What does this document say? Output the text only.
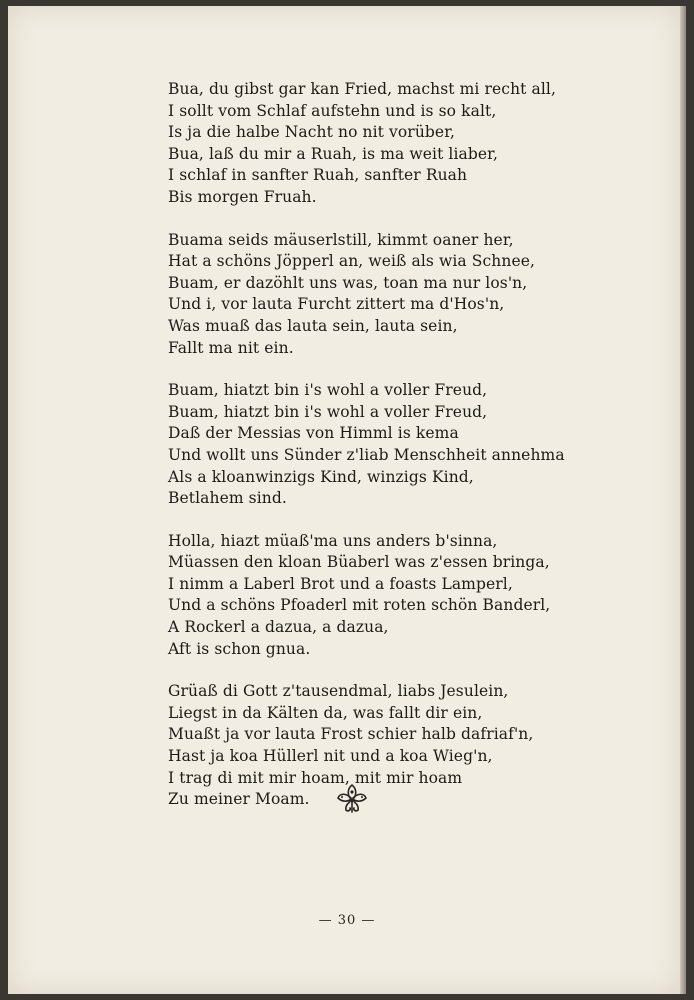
Bua, du gibst gar kan Fried, machst mi recht all,
I sollt vom Schlaf aufstehn und is so kalt,
Is ja die halbe Nacht no nit vorüber,
Bua, laß du mir a Ruah, is ma weit liaber,
I schlaf in sanfter Ruah, sanfter Ruah
Bis morgen Fruah.
Buama seids mäuserlstill, kimmt oaner her,
Hat a schöns Jöpperl an, weiß als wia Schnee,
Buam, er dazöhlt uns was, toan ma nur los'n,
Und i, vor lauta Furcht zittert ma d'Hos'n,
Was muaß das lauta sein, lauta sein,
Fallt ma nit ein.
Buam, hiatzt bin i's wohl a voller Freud,
Buam, hiatzt bin i's wohl a voller Freud,
Daß der Messias von Himml is kema
Und wollt uns Sünder z'liab Menschheit annehma
Als a kloanwinzigs Kind, winzigs Kind,
Betlahem sind.
Holla, hiazt müaß'ma uns anders b'sinna,
Müassen den kloan Büaberl was z'essen bringa,
I nimm a Laberl Brot und a foasts Lamperl,
Und a schöns Pfoaderl mit roten schön Banderl,
A Rockerl a dazua, a dazua,
Aft is schon gnua.
Grüaß di Gott z'tausendmal, liabs Jesulein,
Liegst in da Kälten da, was fallt dir ein,
Muaßt ja vor lauta Frost schier halb dafriaf'n,
Hast ja koa Hüllerl nit und a koa Wieg'n,
I trag di mit mir hoam, mit mir hoam
Zu meiner Moam.
— 30 —
